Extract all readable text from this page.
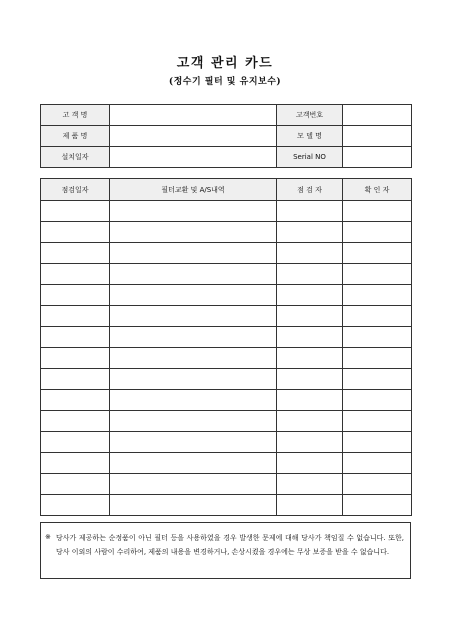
고객 관리 카드
(정수기 필터 및 유지보수)
고 객 명		고객번호	
제 품 명		모 델 명	
설치일자		Serial NO	
점검일자	필터교환 및 A/S내역	점 검 자	확 인 자

※ 당사가 제공하는 순정품이 아닌 필터 등을 사용하였을 경우 발생한 문제에 대해 당사가 책임질 수 없습니다. 또한, 당사 이외의 사람이 수리하여, 제품의 내용을 변경하거나, 손상시켰을 경우에는 무상 보증을 받을 수 없습니다.
